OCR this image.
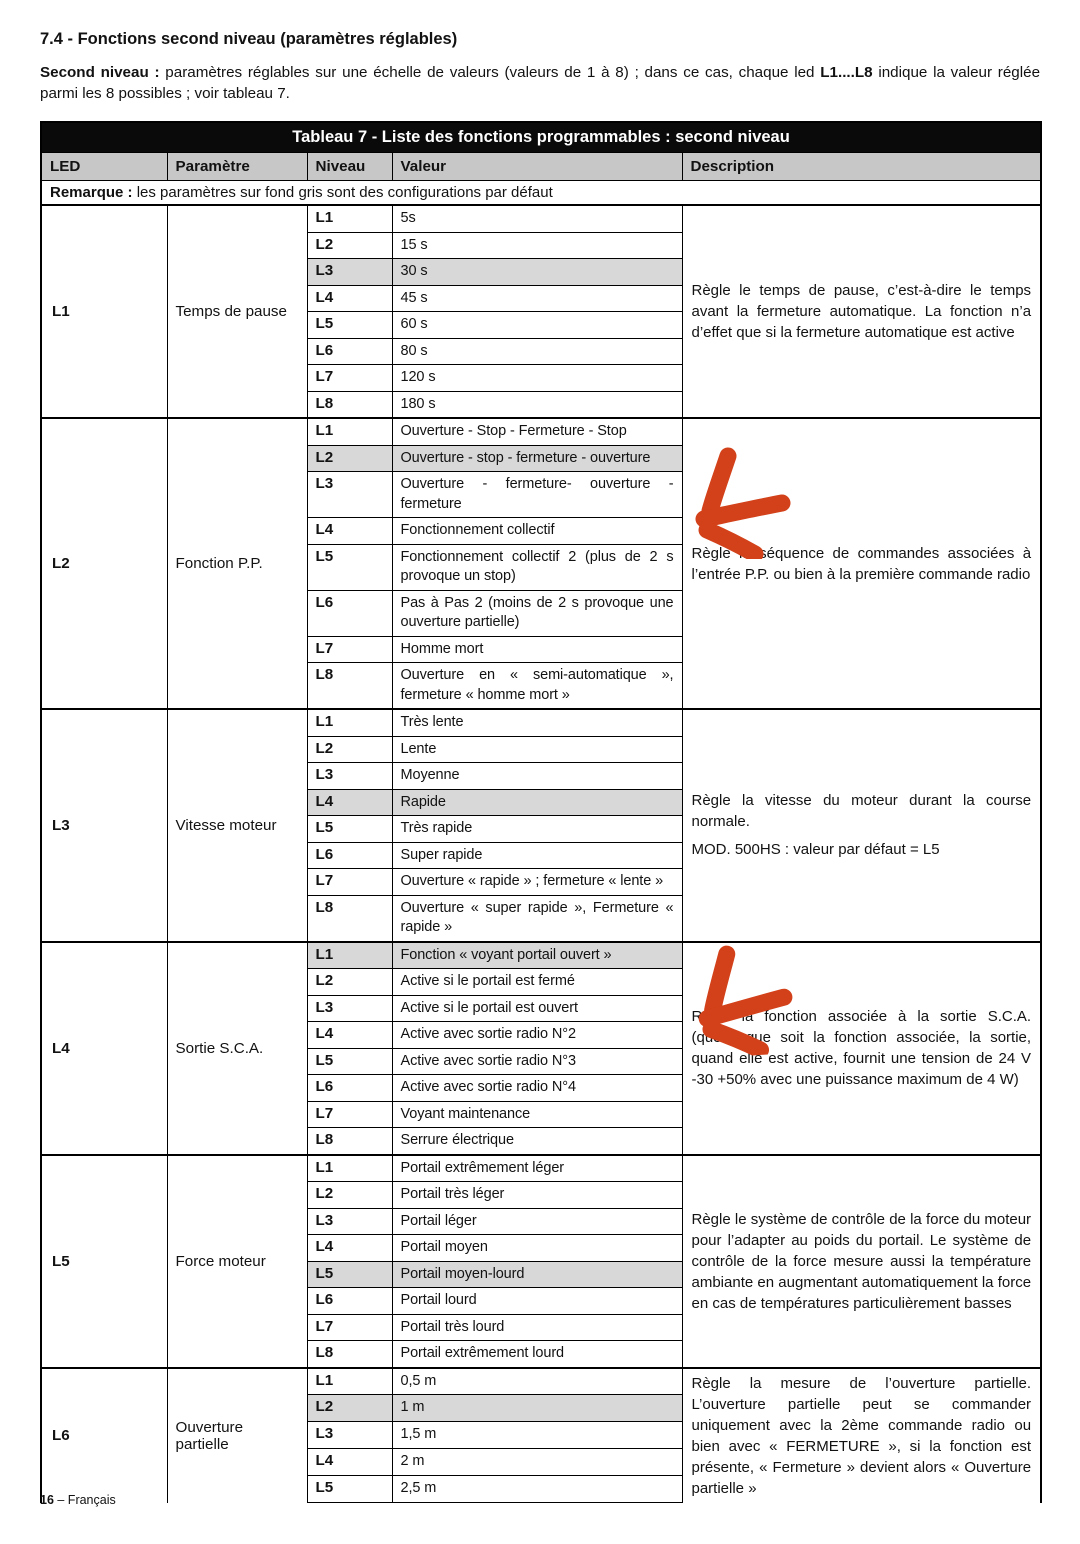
7.4 - Fonctions second niveau (paramètres réglables)

Second niveau : paramètres réglables sur une échelle de valeurs (valeurs de 1 à 8) ; dans ce cas, chaque led L1....L8 indique la valeur réglée parmi les 8 possibles ; voir tableau 7.

Tableau 7 - Liste des fonctions programmables : second niveau				
LED	Paramètre	Niveau	Valeur	Description
Remarque : les paramètres sur fond gris sont des configurations par défaut				
L1	Temps de pause	L1	5s	Règle le temps de pause, c’est-à-dire le temps avant la fermeture automatique. La fonction n’a d’effet que si la fermeture automatique est active

		L2	15 s	
		L3	30 s	
		L4	45 s	
		L5	60 s	
		L6	80 s	
		L7	120 s	
		L8	180 s	
L2	Fonction P.P.	L1	Ouverture - Stop - Fermeture - Stop	Règle la séquence de commandes associées à l’entrée P.P. ou bien à la première commande radio

		L2	Ouverture - stop - fermeture - ouverture	
		L3	Ouverture - fermeture- ouverture - fermeture	
		L4	Fonctionnement collectif	
		L5	Fonctionnement collectif 2 (plus de 2 s provoque un stop)	
		L6	Pas à Pas 2 (moins de 2 s provoque une ouverture partielle)	
		L7	Homme mort	
		L8	Ouverture en « semi-automatique », fermeture « homme mort »	
L3	Vitesse moteur	L1	Très lente	Règle la vitesse du moteur durant la course normale.
MOD. 500HS : valeur par défaut = L5

		L2	Lente	
		L3	Moyenne	
		L4	Rapide	
		L5	Très rapide	
		L6	Super rapide	
		L7	Ouverture « rapide » ; fermeture « lente »	
		L8	Ouverture « super rapide », Fermeture « rapide »	
L4	Sortie S.C.A.	L1	Fonction « voyant portail ouvert »	Règle la fonction associée à la sortie S.C.A. (quelle que soit la fonction associée, la sortie, quand elle est active, fournit une tension de 24 V -30 +50% avec une puissance maximum de 4 W)

		L2	Active si le portail est fermé	
		L3	Active si le portail est ouvert	
		L4	Active avec sortie radio N°2	
		L5	Active avec sortie radio N°3	
		L6	Active avec sortie radio N°4	
		L7	Voyant maintenance	
		L8	Serrure électrique	
L5	Force moteur	L1	Portail extrêmement léger	Règle le système de contrôle de la force du moteur pour l’adapter au poids du portail. Le système de contrôle de la force mesure aussi la température ambiante en augmentant automatiquement la force en cas de températures particulièrement basses

		L2	Portail très léger	
		L3	Portail léger	
		L4	Portail moyen	
		L5	Portail moyen-lourd	
		L6	Portail lourd	
		L7	Portail très lourd	
		L8	Portail extrêmement lourd	
L6	Ouverture partielle	L1	0,5 m	Règle la mesure de l’ouverture partielle. L’ouverture partielle peut se commander uniquement avec la 2ème commande radio ou bien avec « FERMETURE », si la fonction est présente, « Fermeture » devient alors « Ouverture partielle »

		L2	1 m	
		L3	1,5 m	
		L4	2 m	
		L5	2,5 m	
16 – Français
